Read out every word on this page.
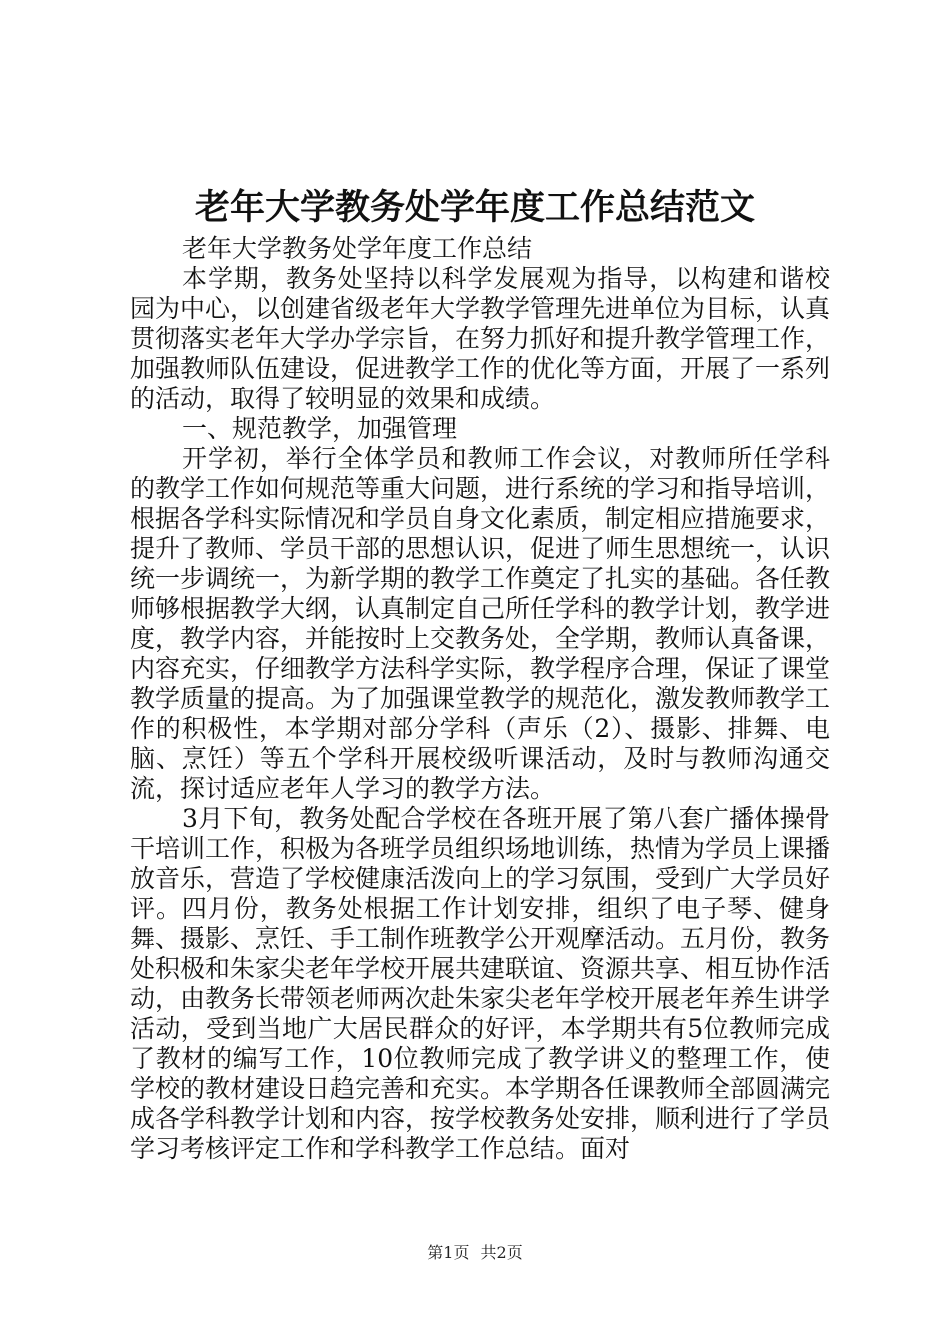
老年大学教务处学年度工作总结范文

老年大学教务处学年度工作总结

本学期，教务处坚持以科学发展观为指导，以构建和谐校园为中心，以创建省级老年大学教学管理先进单位为目标，认真贯彻落实老年大学办学宗旨，在努力抓好和提升教学管理工作，加强教师队伍建设，促进教学工作的优化等方面，开展了一系列的活动，取得了较明显的效果和成绩。

一、规范教学，加强管理

开学初，举行全体学员和教师工作会议，对教师所任学科的教学工作如何规范等重大问题，进行系统的学习和指导培训，根据各学科实际情况和学员自身文化素质，制定相应措施要求，提升了教师、学员干部的思想认识，促进了师生思想统一，认识统一步调统一，为新学期的教学工作奠定了扎实的基础。各任教师够根据教学大纲，认真制定自己所任学科的教学计划，教学进度，教学内容，并能按时上交教务处，全学期，教师认真备课，内容充实，仔细教学方法科学实际，教学程序合理，保证了课堂教学质量的提高。为了加强课堂教学的规范化，激发教师教学工作的积极性，本学期对部分学科（声乐（2）、摄影、排舞、电脑、烹饪）等五个学科开展校级听课活动，及时与教师沟通交流，探讨适应老年人学习的教学方法。

3月下旬，教务处配合学校在各班开展了第八套广播体操骨干培训工作，积极为各班学员组织场地训练，热情为学员上课播放音乐，营造了学校健康活泼向上的学习氛围，受到广大学员好评。四月份，教务处根据工作计划安排，组织了电子琴、健身舞、摄影、烹饪、手工制作班教学公开观摩活动。五月份，教务处积极和朱家尖老年学校开展共建联谊、资源共享、相互协作活动，由教务长带领老师两次赴朱家尖老年学校开展老年养生讲学活动，受到当地广大居民群众的好评，本学期共有5位教师完成了教材的编写工作，10位教师完成了教学讲义的整理工作，使学校的教材建设日趋完善和充实。本学期各任课教师全部圆满完成各学科教学计划和内容，按学校教务处安排，顺利进行了学员学习考核评定工作和学科教学工作总结。面对

第1页 共2页
